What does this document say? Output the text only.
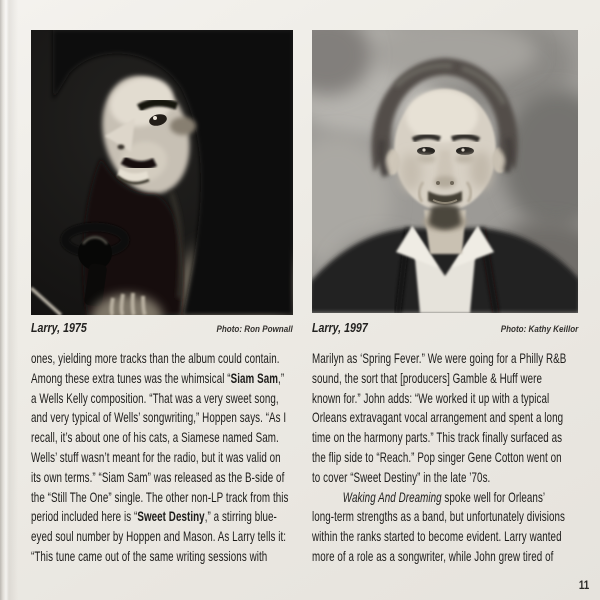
Larry, 1975	Photo: Ron Pownall Larry, 1997	Photo: Kathy Keillor
ones, yielding more tracks than the album could contain.
Among these extra tunes was the whimsical “Siam Sam,”
a Wells Kelly composition. “That was a very sweet song,
and very typical of Wells’ songwriting,” Hoppen says. “As I
recall, it’s about one of his cats, a Siamese named Sam.
Wells’ stuff wasn’t meant for the radio, but it was valid on
its own terms.” “Siam Sam” was released as the B-side of
the “Still The One” single. The other non-LP track from this
period included here is “Sweet Destiny,” a stirring blue-
eyed soul number by Hoppen and Mason. As Larry tells it:
“This tune came out of the same writing sessions with
Marilyn as ‘Spring Fever.” We were going for a Philly R&B
sound, the sort that [producers] Gamble & Huff were
known for.” John adds: “We worked it up with a typical
Orleans extravagant vocal arrangement and spent a long
time on the harmony parts.” This track finally surfaced as
the flip side to “Reach.” Pop singer Gene Cotton went on
to cover “Sweet Destiny” in the late ’70s.
Waking And Dreaming spoke well for Orleans’
long-term strengths as a band, but unfortunately divisions
within the ranks started to become evident. Larry wanted
more of a role as a songwriter, while John grew tired of
11
